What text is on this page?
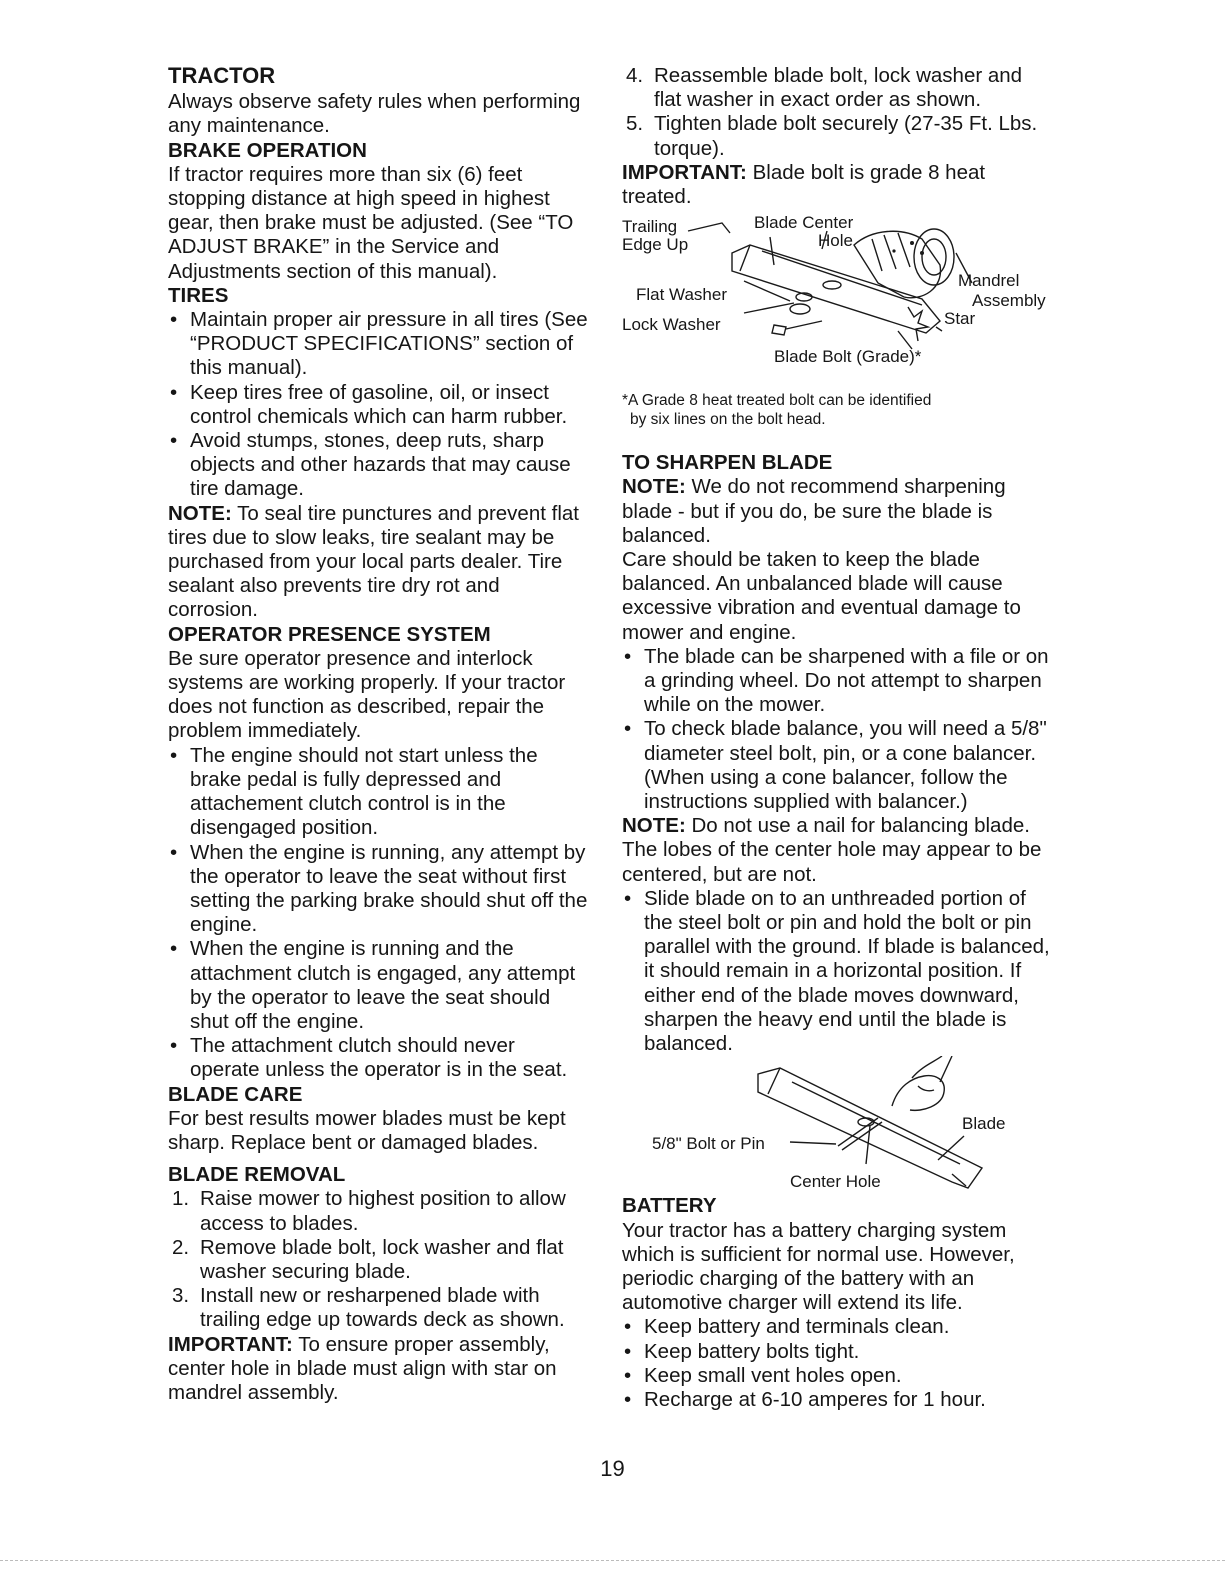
TRACTOR

Always observe safety rules when performing any maintenance.

BRAKE OPERATION

If tractor requires more than six (6) feet stopping distance at high speed in highest gear, then brake must be adjusted. (See “TO ADJUST BRAKE” in the Service and Adjustments section of this manual).

TIRES

• Maintain proper air pressure in all tires (See “PRODUCT SPECIFICATIONS” section of this manual).
• Keep tires free of gasoline, oil, or insect control chemicals which can harm rubber.
• Avoid stumps, stones, deep ruts, sharp objects and other hazards that may cause tire damage.

NOTE: To seal tire punctures and prevent flat tires due to slow leaks, tire sealant may be purchased from your local parts dealer. Tire sealant also prevents tire dry rot and corrosion.

OPERATOR PRESENCE SYSTEM

Be sure operator presence and interlock systems are working properly. If your tractor does not function as described, repair the problem immediately.

• The engine should not start unless the brake pedal is fully depressed and attachement clutch control is in the disengaged position.
• When the engine is running, any attempt by the operator to leave the seat without first setting the parking brake should shut off the engine.
• When the engine is running and the attachment clutch is engaged, any attempt by the operator to leave the seat should shut off the engine.
• The attachment clutch should never operate unless the operator is in the seat.

BLADE CARE

For best results mower blades must be kept sharp. Replace bent or damaged blades.

BLADE REMOVAL

1. Raise mower to highest position to allow access to blades.
2. Remove blade bolt, lock washer and flat washer securing blade.
3. Install new or resharpened blade with trailing edge up towards deck as shown.

IMPORTANT: To ensure proper assembly, center hole in blade must align with star on mandrel assembly.

4. Reassemble blade bolt, lock washer and flat washer in exact order as shown.
5. Tighten blade bolt securely (27-35 Ft. Lbs. torque).

IMPORTANT: Blade bolt is grade 8 heat treated.

Trailing
Edge Up
Blade Center
Hole
Mandrel
Assembly
Flat Washer
Lock Washer	Star
Blade Bolt (Grade)*
*A Grade 8 heat treated bolt can be identified
by six lines on the bolt head.

TO SHARPEN BLADE

NOTE: We do not recommend sharpening blade - but if you do, be sure the blade is balanced.

Care should be taken to keep the blade balanced. An unbalanced blade will cause excessive vibration and eventual damage to mower and engine.

• The blade can be sharpened with a file or on a grinding wheel. Do not attempt to sharpen while on the mower.
• To check blade balance, you will need a 5/8" diameter steel bolt, pin, or a cone balancer. (When using a cone balancer, follow the instructions supplied with balancer.)

NOTE: Do not use a nail for balancing blade. The lobes of the center hole may appear to be centered, but are not.

• Slide blade on to an unthreaded portion of the steel bolt or pin and hold the bolt or pin parallel with the ground. If blade is balanced, it should remain in a horizontal position. If either end of the blade moves downward, sharpen the heavy end until the blade is balanced.
Blade
5/8" Bolt or Pin
Center Hole

BATTERY

Your tractor has a battery charging system which is sufficient for normal use. However, periodic charging of the battery with an automotive charger will extend its life.

• Keep battery and terminals clean.
• Keep battery bolts tight.
• Keep small vent holes open.
• Recharge at 6-10 amperes for 1 hour.
19
